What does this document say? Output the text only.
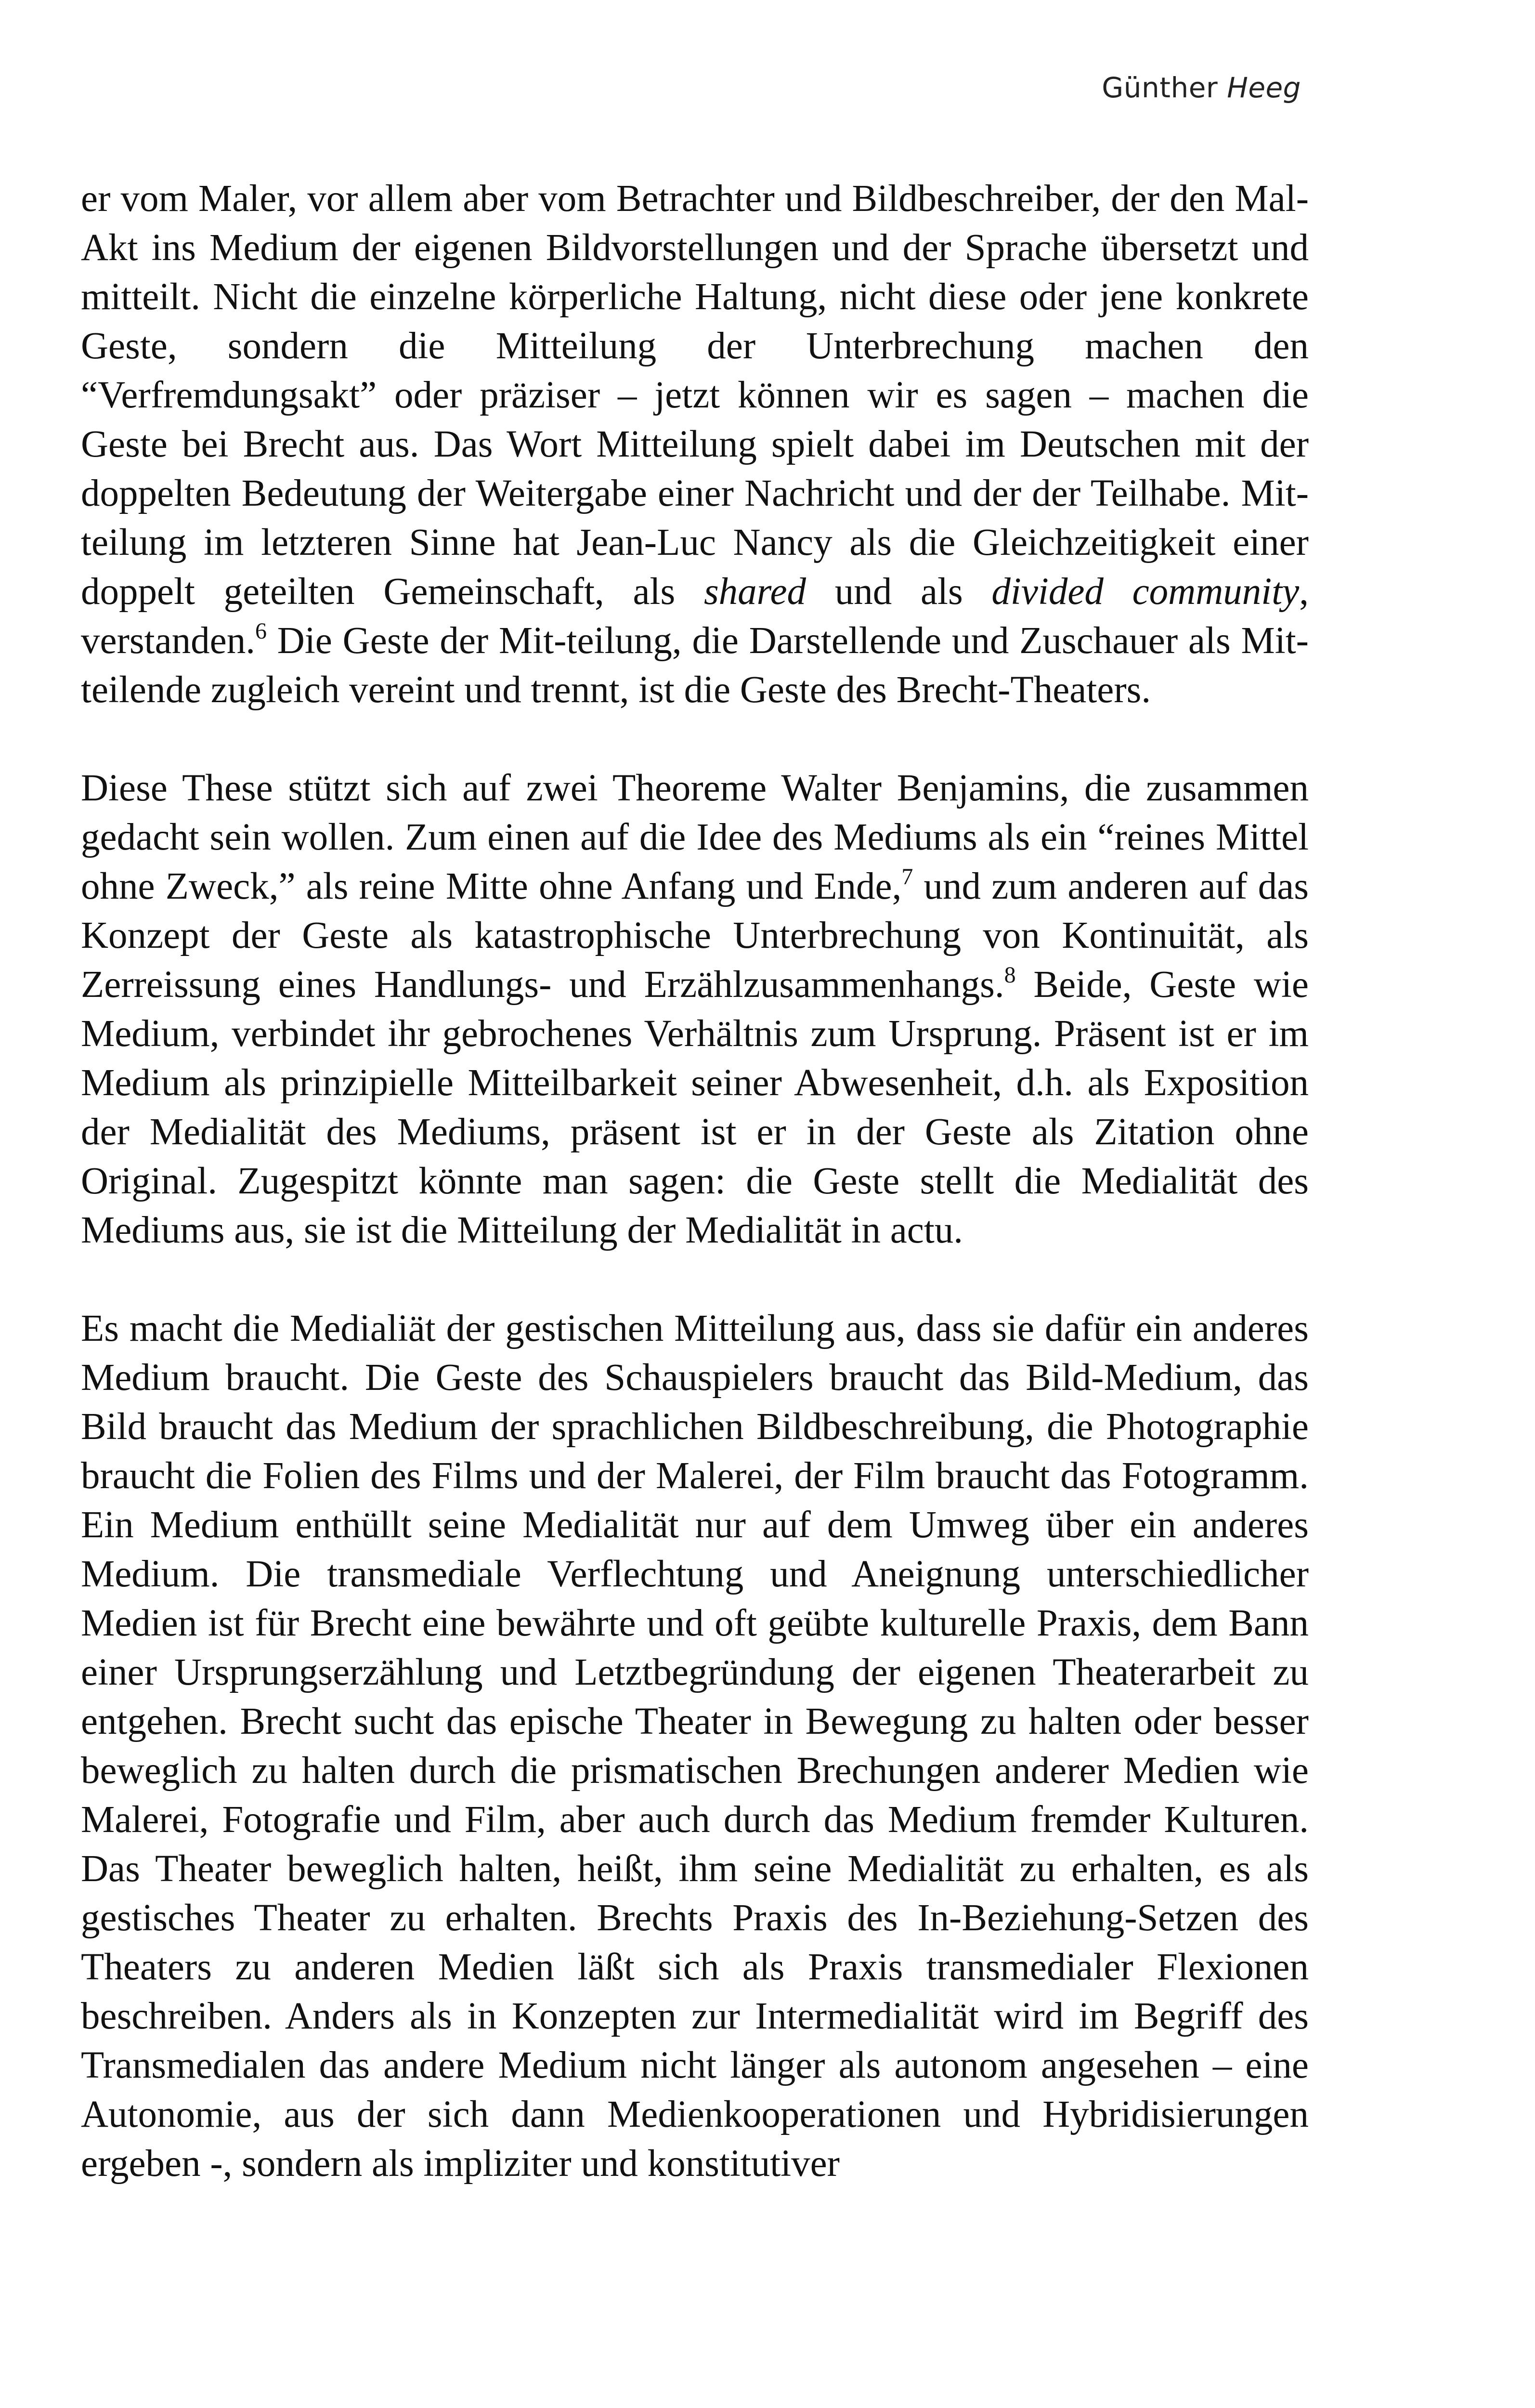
Günther Heeg

er vom Maler, vor allem aber vom Betrachter und Bildbeschreiber, der den Mal-Akt ins Medium der eigenen Bildvorstellungen und der Sprache übersetzt und mitteilt. Nicht die einzelne körperliche Haltung, nicht diese oder jene konkrete Geste, sondern die Mitteilung der Unterbrechung machen den “Verfremdungsakt” oder präziser – jetzt können wir es sagen – machen die Geste bei Brecht aus. Das Wort Mitteilung spielt dabei im Deutschen mit der doppelten Bedeutung der Weitergabe einer Nachricht und der der Teilhabe. Mit-teilung im letzteren Sinne hat Jean-Luc Nancy als die Gleichzeitigkeit einer doppelt geteilten Gemeinschaft, als shared und als divided community, verstanden.$^6$ Die Geste der Mit-teilung, die Darstellende und Zuschauer als Mit-teilende zugleich vereint und trennt, ist die Geste des Brecht-Theaters.

Diese These stützt sich auf zwei Theoreme Walter Benjamins, die zusammen gedacht sein wollen. Zum einen auf die Idee des Mediums als ein “reines Mittel ohne Zweck,” als reine Mitte ohne Anfang und Ende,$^7$ und zum anderen auf das Konzept der Geste als katastrophische Unterbrechung von Kontinuität, als Zerreissung eines Handlungs- und Erzählzusammenhangs.$^8$ Beide, Geste wie Medium, verbindet ihr gebrochenes Verhältnis zum Ursprung. Präsent ist er im Medium als prinzipielle Mitteilbarkeit seiner Abwesenheit, d.h. als Exposition der Medialität des Mediums, präsent ist er in der Geste als Zitation ohne Original. Zugespitzt könnte man sagen: die Geste stellt die Medialität des Mediums aus, sie ist die Mitteilung der Medialität in actu.

Es macht die Medialiät der gestischen Mitteilung aus, dass sie dafür ein anderes Medium braucht. Die Geste des Schauspielers braucht das Bild-Medium, das Bild braucht das Medium der sprachlichen Bildbeschreibung, die Photographie braucht die Folien des Films und der Malerei, der Film braucht das Fotogramm. Ein Medium enthüllt seine Medialität nur auf dem Umweg über ein anderes Medium. Die transmediale Verflechtung und Aneignung unterschiedlicher Medien ist für Brecht eine bewährte und oft geübte kulturelle Praxis, dem Bann einer Ursprungserzählung und Letztbegründung der eigenen Theaterarbeit zu entgehen. Brecht sucht das epische Theater in Bewegung zu halten oder besser beweglich zu halten durch die prismatischen Brechungen anderer Medien wie Malerei, Fotografie und Film, aber auch durch das Medium fremder Kulturen. Das Theater beweglich halten, heißt, ihm seine Medialität zu erhalten, es als gestisches Theater zu erhalten. Brechts Praxis des In-Beziehung-Setzen des Theaters zu anderen Medien läßt sich als Praxis transmedialer Flexionen beschreiben. Anders als in Konzepten zur Intermedialität wird im Begriff des Transmedialen das andere Medium nicht länger als autonom angesehen – eine Autonomie, aus der sich dann Medienkooperationen und Hybridisierungen ergeben -, sondern als impliziter und konstitutiver
